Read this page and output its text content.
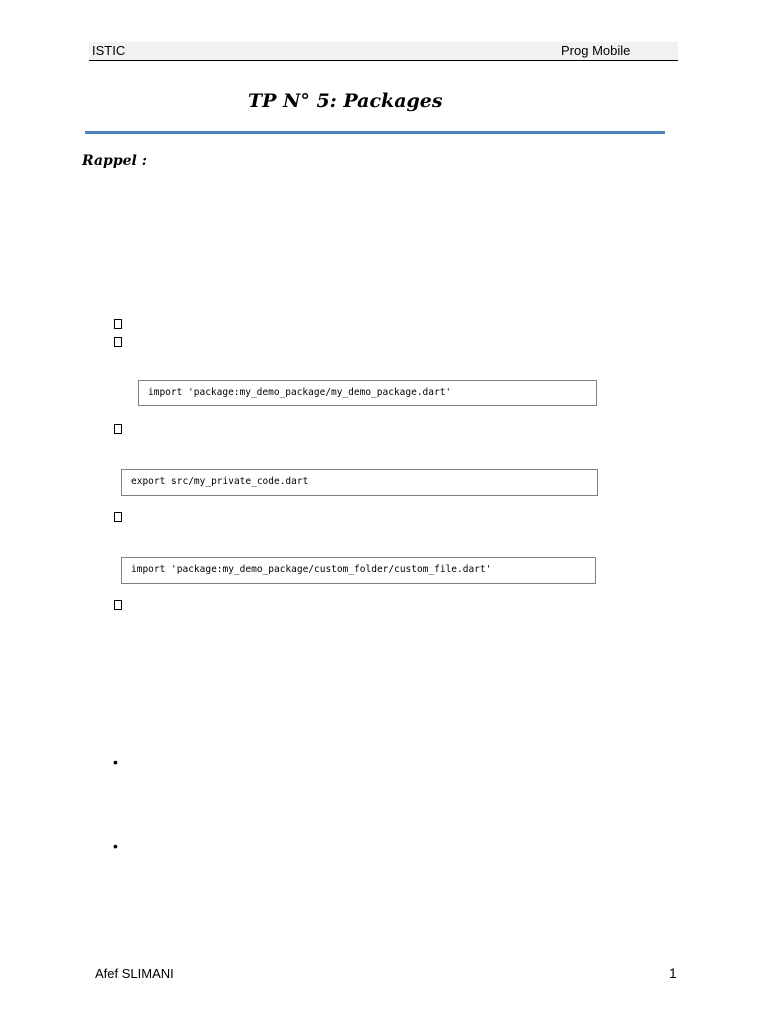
ISTIC	Prog Mobile
TP N° 5: Packages
Rappel :
import 'package:my_demo_package/my_demo_package.dart'
export src/my_private_code.dart
import 'package:my_demo_package/custom_folder/custom_file.dart'
•
•
Afef SLIMANI	1
